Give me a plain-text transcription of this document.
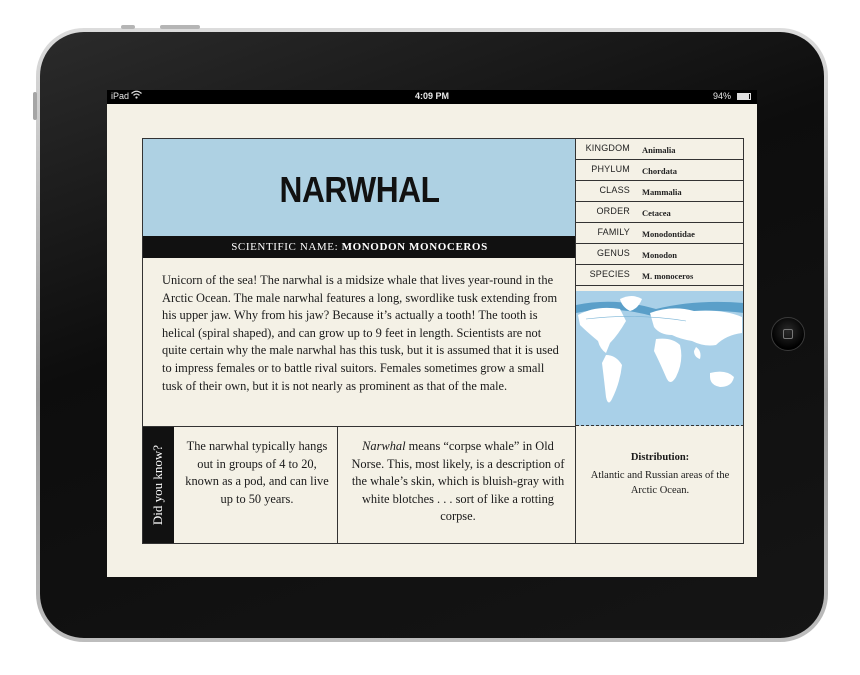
iPad	4:09 PM	94%
NARWHAL
SCIENTIFIC NAME: MONODON MONOCEROS
Unicorn of the sea! The narwhal is a midsize whale that lives year-round in the Arctic Ocean. The male narwhal features a long, swordlike tusk extending from his upper jaw. Why from his jaw? Because it’s actually a tooth! The tooth is helical (spiral shaped), and can grow up to 9 feet in length. Scientists are not quite certain why the male narwhal has this tusk, but it is assumed that it is used to impress females or to battle rival suitors. Females sometimes grow a small tusk of their own, but it is not nearly as prominent as that of the male.
Did you know?	The narwhal typically hangs out in groups of 4 to 20, known as a pod, and can live up to 50 years.
Narwhal means “corpse whale” in Old Norse. This, most likely, is a description of the whale’s skin, which is bluish-gray with white blotches . . . sort of like a rotting corpse.
KINGDOM Animalia
PHYLUM Chordata
CLASS Mammalia
ORDER Cetacea
FAMILY Monodontidae
GENUS Monodon
SPECIES M. monoceros
Distribution:
Atlantic and Russian areas of the Arctic Ocean.
